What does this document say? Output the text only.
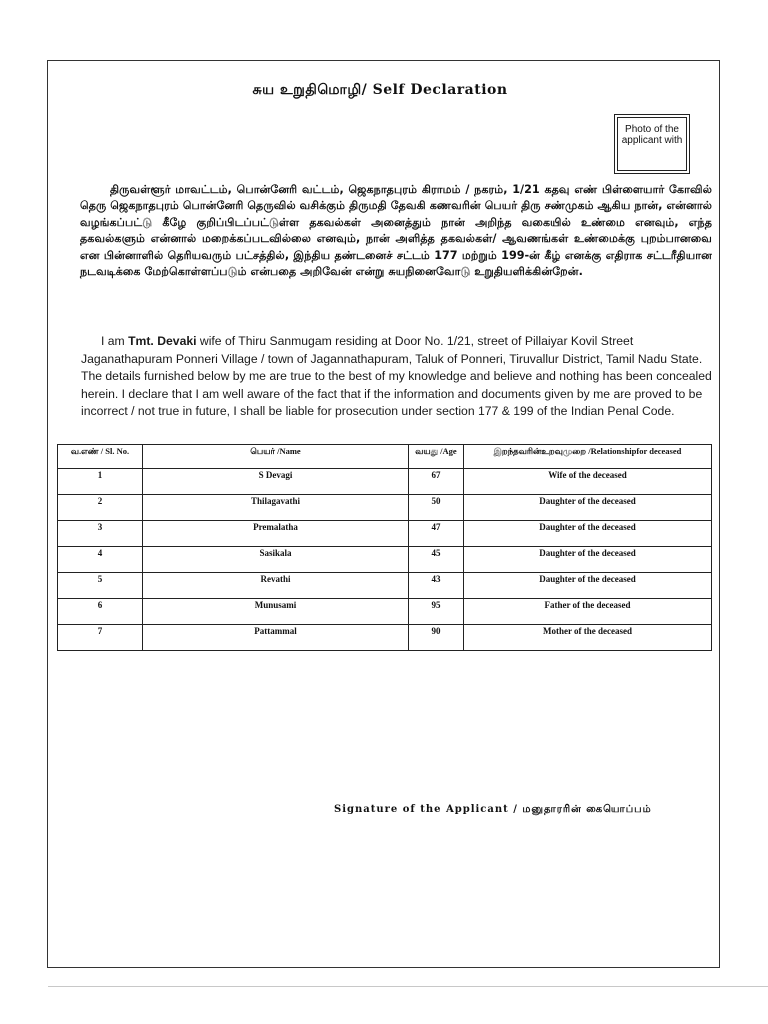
சுய உறுதிமொழி/ Self Declaration
Photo of the applicant with

திருவள்ளூர் மாவட்டம், பொன்னேரி வட்டம், ஜெகநாதபுரம் கிராமம் / நகரம், 1/21 கதவு எண் பிள்ளையார் கோவில் தெரு ஜெகநாதபுரம் பொன்னேரி தெருவில் வசிக்கும் திருமதி தேவகி கணவரின் பெயர் திரு சண்முகம் ஆகிய நான், என்னால் வழங்கப்பட்டு கீழே குறிப்பிடப்பட்டுள்ள தகவல்கள் அனைத்தும் நான் அறிந்த வகையில் உண்மை எனவும், எந்த தகவல்களும் என்னால் மறைக்கப்படவில்லை எனவும், நான் அளித்த தகவல்கள்/ ஆவணங்கள் உண்மைக்கு புறம்பானவை என பின்னாளில் தெரியவரும் பட்சத்தில், இந்திய தண்டனைச் சட்டம் 177 மற்றும் 199-ன் கீழ் எனக்கு எதிராக சட்டரீதியான நடவடிக்கை மேற்கொள்ளப்படும் என்பதை அறிவேன் என்று சுயநினைவோடு உறுதியளிக்கின்றேன்.

I am Tmt. Devaki wife of Thiru Sanmugam residing at Door No. 1/21, street of Pillaiyar Kovil Street Jaganathapuram Ponneri Village / town of Jagannathapuram, Taluk of Ponneri, Tiruvallur District, Tamil Nadu State. The details furnished below by me are true to the best of my knowledge and believe and nothing has been concealed herein. I declare that I am well aware of the fact that if the information and documents given by me are proved to be incorrect / not true in future, I shall be liable for prosecution under section 177 & 199 of the Indian Penal Code.

வ.எண் / Sl. No.	பெயர் /Name	வயது /Age	இறந்தவரின்உறவுமுறை /Relationshipfor deceased
1	S Devagi	67	Wife of the deceased
2	Thilagavathi	50	Daughter of the deceased
3	Premalatha	47	Daughter of the deceased
4	Sasikala	45	Daughter of the deceased
5	Revathi	43	Daughter of the deceased
6	Munusami	95	Father of the deceased
7	Pattammal	90	Mother of the deceased
Signature of the Applicant / மனுதாரரின் கையொப்பம்
